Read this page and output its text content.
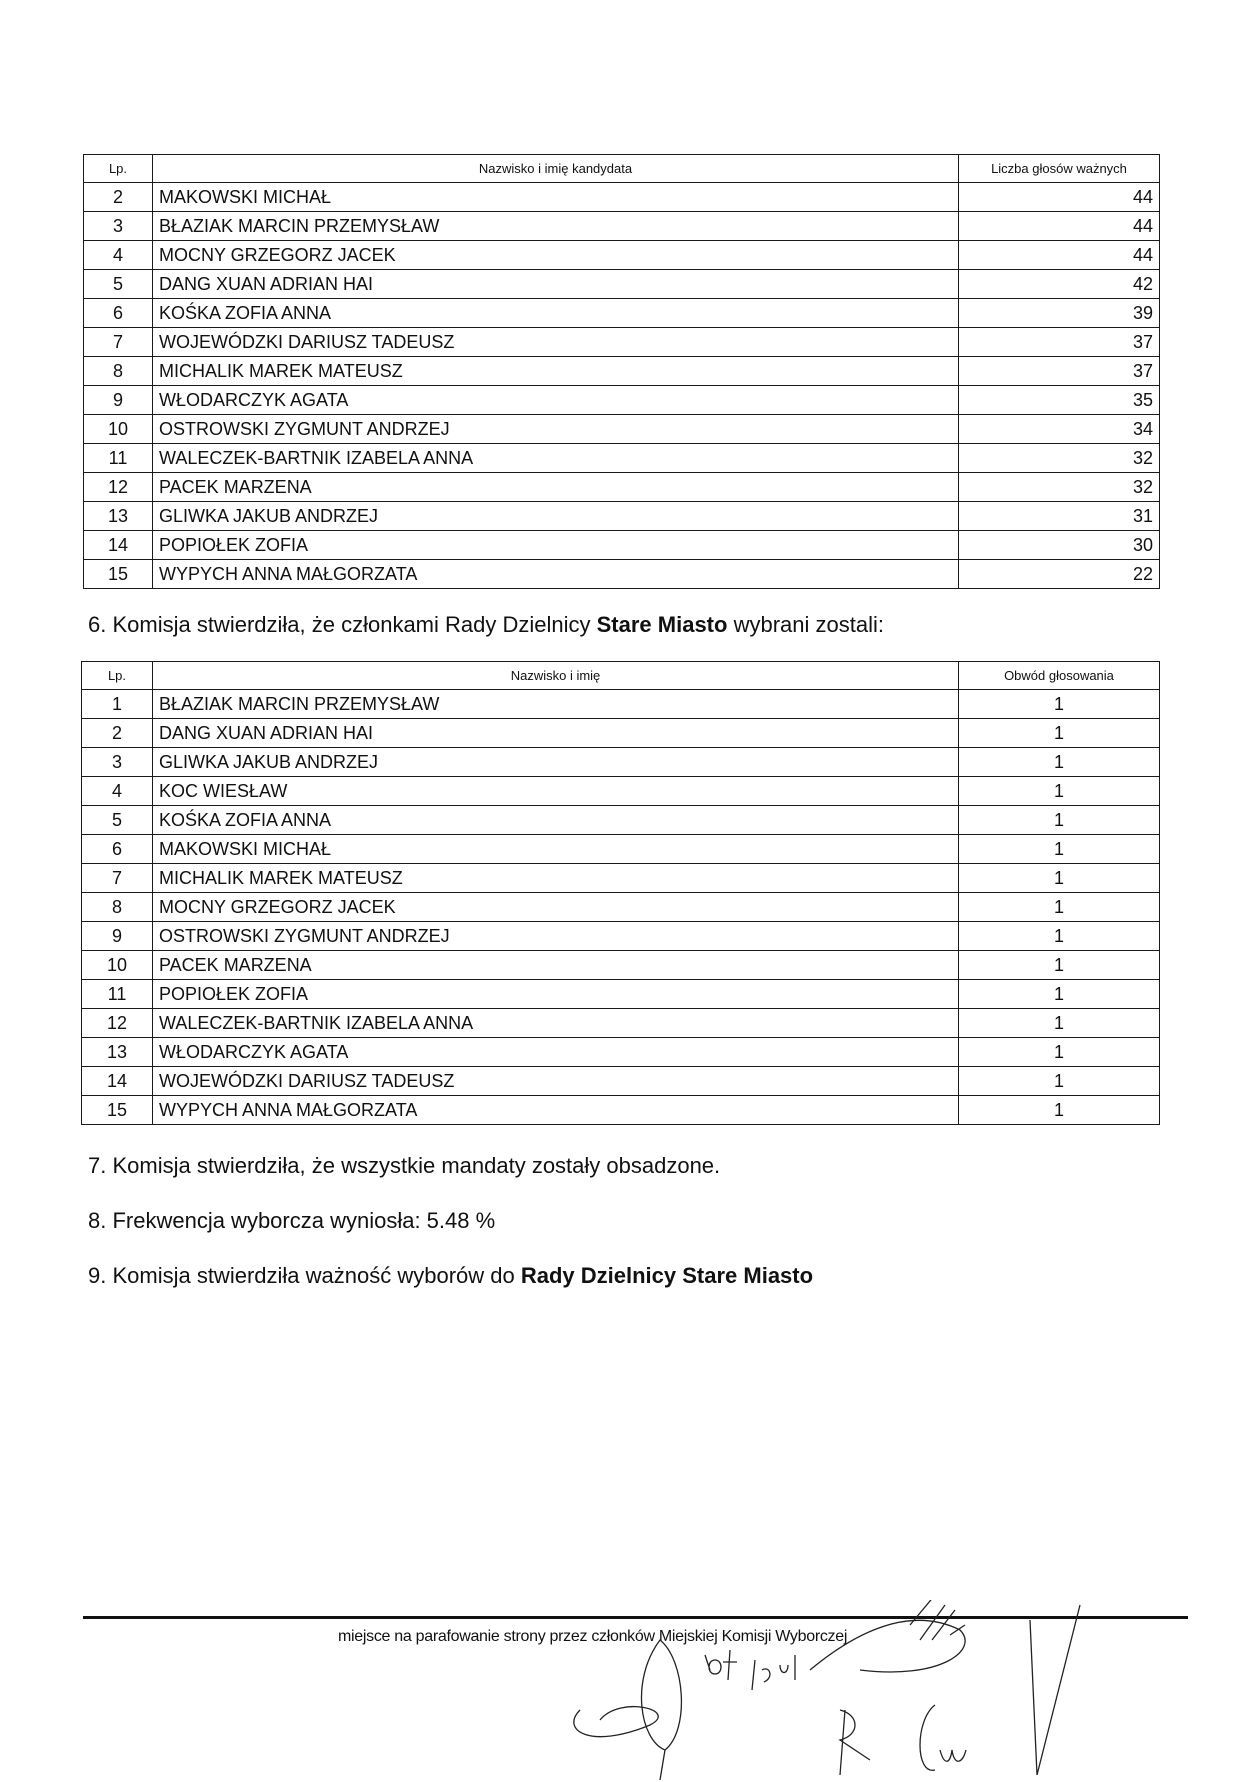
Lp.	Nazwisko i imię kandydata	Liczba głosów ważnych
2	MAKOWSKI MICHAŁ	44
3	BŁAZIAK MARCIN PRZEMYSŁAW	44
4	MOCNY GRZEGORZ JACEK	44
5	DANG XUAN ADRIAN HAI	42
6	KOŚKA ZOFIA ANNA	39
7	WOJEWÓDZKI DARIUSZ TADEUSZ	37
8	MICHALIK MAREK MATEUSZ	37
9	WŁODARCZYK AGATA	35
10	OSTROWSKI ZYGMUNT ANDRZEJ	34
11	WALECZEK-BARTNIK IZABELA ANNA	32
12	PACEK MARZENA	32
13	GLIWKA JAKUB ANDRZEJ	31
14	POPIOŁEK ZOFIA	30
15	WYPYCH ANNA MAŁGORZATA	22
6. Komisja stwierdziła, że członkami Rady Dzielnicy Stare Miasto wybrani zostali:
Lp.	Nazwisko i imię	Obwód głosowania
1	BŁAZIAK MARCIN PRZEMYSŁAW	1
2	DANG XUAN ADRIAN HAI	1
3	GLIWKA JAKUB ANDRZEJ	1
4	KOC WIESŁAW	1
5	KOŚKA ZOFIA ANNA	1
6	MAKOWSKI MICHAŁ	1
7	MICHALIK MAREK MATEUSZ	1
8	MOCNY GRZEGORZ JACEK	1
9	OSTROWSKI ZYGMUNT ANDRZEJ	1
10	PACEK MARZENA	1
11	POPIOŁEK ZOFIA	1
12	WALECZEK-BARTNIK IZABELA ANNA	1
13	WŁODARCZYK AGATA	1
14	WOJEWÓDZKI DARIUSZ TADEUSZ	1
15	WYPYCH ANNA MAŁGORZATA	1
7. Komisja stwierdziła, że wszystkie mandaty zostały obsadzone.
8. Frekwencja wyborcza wyniosła: 5.48 %
9. Komisja stwierdziła ważność wyborów do Rady Dzielnicy Stare Miasto
miejsce na parafowanie strony przez członków Miejskiej Komisji Wyborczej
